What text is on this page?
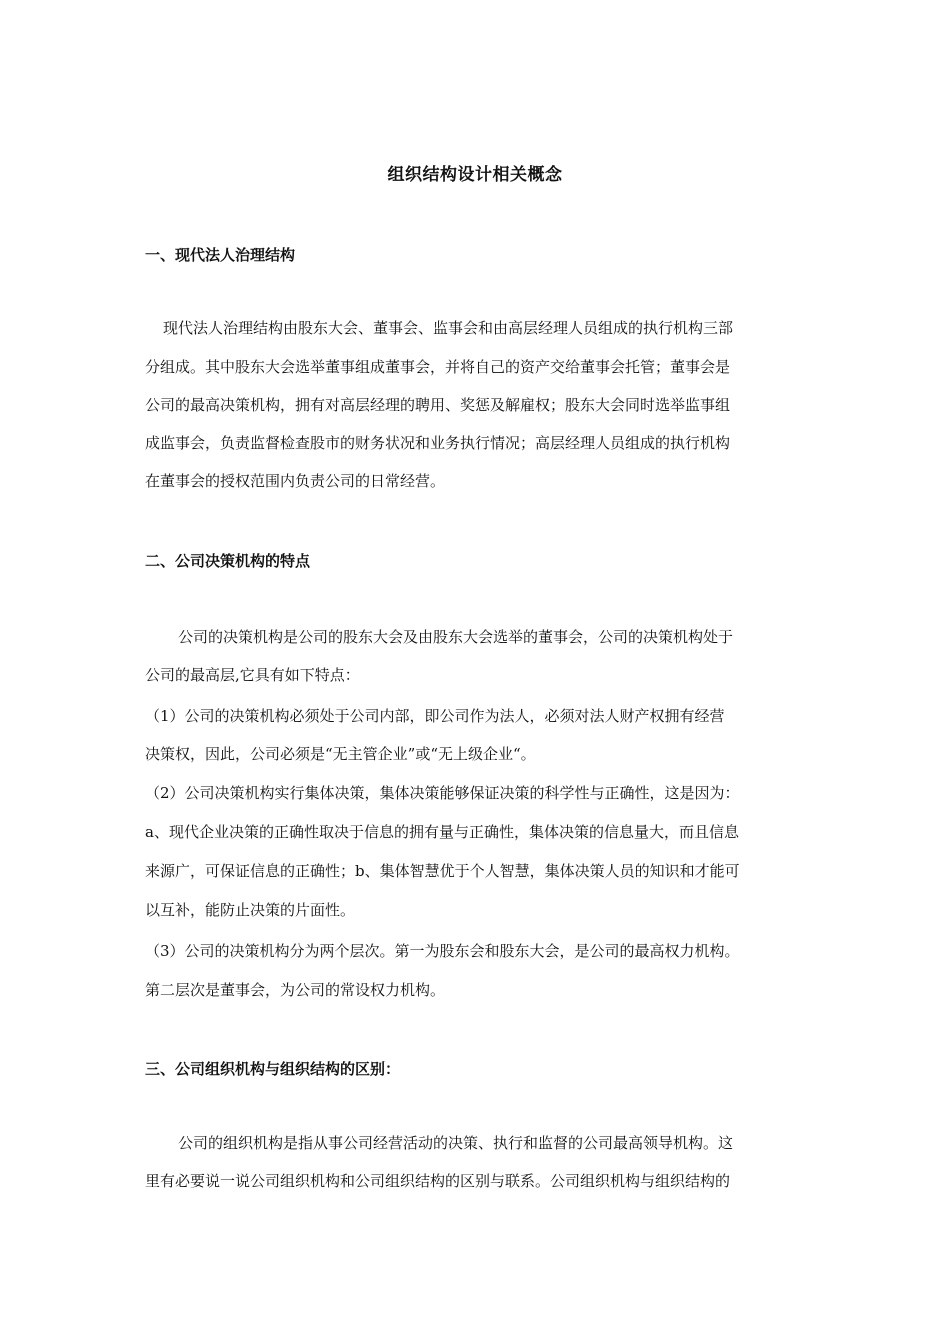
组织结构设计相关概念
一、现代法人治理结构

现代法人治理结构由股东大会、董事会、监事会和由高层经理人员组成的执行机构三部

分组成。其中股东大会选举董事组成董事会，并将自己的资产交给董事会托管；董事会是

公司的最高决策机构，拥有对高层经理的聘用、奖惩及解雇权；股东大会同时选举监事组

成监事会，负责监督检查股市的财务状况和业务执行情况；高层经理人员组成的执行机构

在董事会的授权范围内负责公司的日常经营。

二、公司决策机构的特点

公司的决策机构是公司的股东大会及由股东大会选举的董事会，公司的决策机构处于

公司的最高层,它具有如下特点：

（1）公司的决策机构必须处于公司内部，即公司作为法人，必须对法人财产权拥有经营

决策权，因此，公司必须是“无主管企业”或“无上级企业“。

（2）公司决策机构实行集体决策，集体决策能够保证决策的科学性与正确性，这是因为：

a、现代企业决策的正确性取决于信息的拥有量与正确性，集体决策的信息量大，而且信息

来源广，可保证信息的正确性；b、集体智慧优于个人智慧，集体决策人员的知识和才能可

以互补，能防止决策的片面性。

（3）公司的决策机构分为两个层次。第一为股东会和股东大会，是公司的最高权力机构。

第二层次是董事会，为公司的常设权力机构。

三、公司组织机构与组织结构的区别：

公司的组织机构是指从事公司经营活动的决策、执行和监督的公司最高领导机构。这

里有必要说一说公司组织机构和公司组织结构的区别与联系。公司组织机构与组织结构的
